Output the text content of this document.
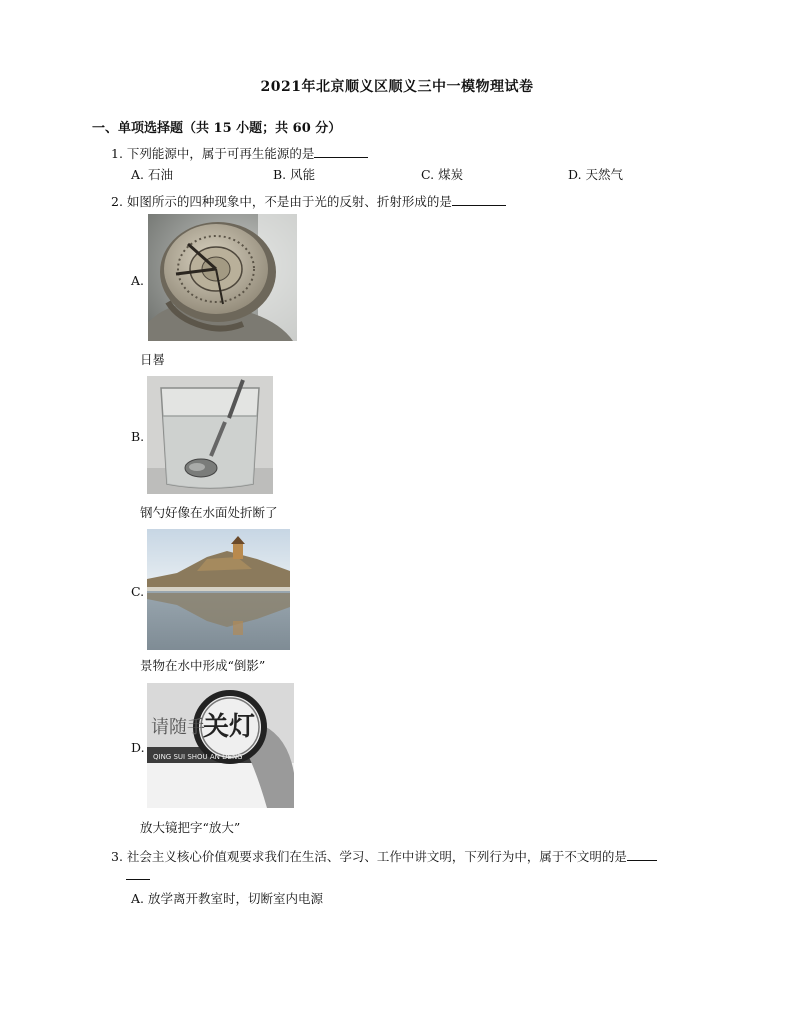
2021年北京顺义区顺义三中一模物理试卷
一、单项选择题（共 15 小题；共 60 分）
1. 下列能源中，属于可再生能源的是
A. 石油	B. 风能	C. 煤炭	D. 天然气
2. 如图所示的四种现象中，不是由于光的反射、折射形成的是
A.
日晷
B.
钢勺好像在水面处折断了
C.
景物在水中形成“倒影”
D.
请随手
关灯
QING SUI SHOU AN DENG
放大镜把字“放大”
3. 社会主义核心价值观要求我们在生活、学习、工作中讲文明，下列行为中，属于不文明的是
A. 放学离开教室时，切断室内电源
